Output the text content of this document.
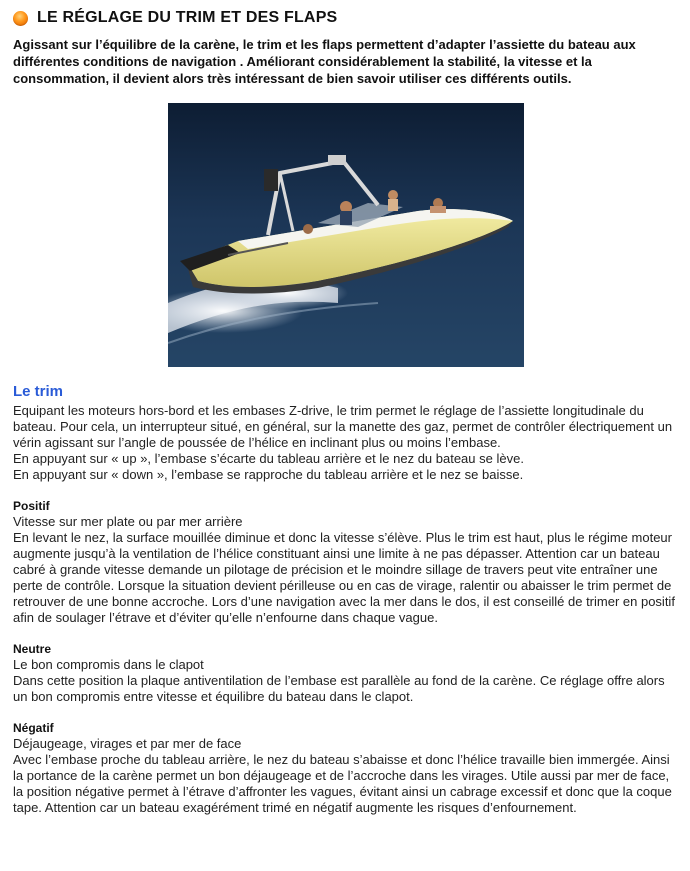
LE RÉGLAGE DU TRIM ET DES FLAPS

Agissant sur l’équilibre de la carène, le trim et les flaps permettent d’adapter l’assiette du bateau aux différentes conditions de navigation . Améliorant considérablement la stabilité, la vitesse et la consommation, il devient alors très intéressant de bien savoir utiliser ces différents outils.

Le trim

Equipant les moteurs hors-bord et les embases Z-drive, le trim permet le réglage de l’assiette longitudinale du bateau. Pour cela, un interrupteur situé, en général, sur la manette des gaz, permet de contrôler électriquement un vérin agissant sur l’angle de poussée de l’hélice en inclinant plus ou moins l’embase.

En appuyant sur « up », l’embase s’écarte du tableau arrière et le nez du bateau se lève.

En appuyant sur « down », l’embase se rapproche du tableau arrière et le nez se baisse.

Positif

Vitesse sur mer plate ou par mer arrière

En levant le nez, la surface mouillée diminue et donc la vitesse s’élève. Plus le trim est haut, plus le régime moteur augmente jusqu’à la ventilation de l’hélice constituant ainsi une limite à ne pas dépasser. Attention car un bateau cabré à grande vitesse demande un pilotage de précision et le moindre sillage de travers peut vite entraîner une perte de contrôle. Lorsque la situation devient périlleuse ou en cas de virage, ralentir ou abaisser le trim permet de retrouver de une bonne accroche. Lors d’une navigation avec la mer dans le dos, il est conseillé de trimer en positif afin de soulager l’étrave et d’éviter qu’elle n’enfourne dans chaque vague.

Neutre

Le bon compromis dans le clapot

Dans cette position la plaque antiventilation de l’embase est parallèle au fond de la carène. Ce réglage offre alors un bon compromis entre vitesse et équilibre du bateau dans le clapot.

Négatif

Déjaugeage, virages et par mer de face

Avec l’embase proche du tableau arrière, le nez du bateau s’abaisse et donc l’hélice travaille bien immergée. Ainsi la portance de la carène permet un bon déjaugeage et de l’accroche dans les virages. Utile aussi par mer de face, la position négative permet à l’étrave d’affronter les vagues, évitant ainsi un cabrage excessif et donc que la coque tape. Attention car un bateau exagérément trimé en négatif augmente les risques d’enfournement.
